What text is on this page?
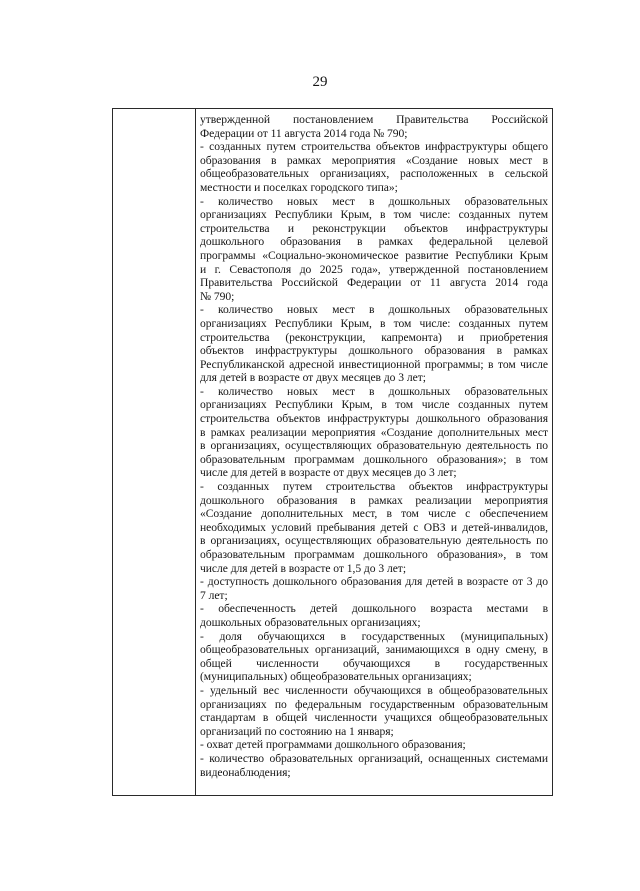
29
утвержденной постановлением Правительства Российской
Федерации от 11 августа 2014 года № 790;
- созданных путем строительства объектов инфраструктуры общего
образования в рамках мероприятия «Создание новых мест в
общеобразовательных организациях, расположенных в сельской
местности и поселках городского типа»;
- количество новых мест в дошкольных образовательных
организациях Республики Крым, в том числе: созданных путем
строительства и реконструкции объектов инфраструктуры
дошкольного образования в рамках федеральной целевой
программы «Социально-экономическое развитие Республики Крым
и г. Севастополя до 2025 года», утвержденной постановлением
Правительства Российской Федерации от 11 августа 2014 года
№ 790;
- количество новых мест в дошкольных образовательных
организациях Республики Крым, в том числе: созданных путем
строительства (реконструкции, капремонта) и приобретения
объектов инфраструктуры дошкольного образования в рамках
Республиканской адресной инвестиционной программы; в том числе
для детей в возрасте от двух месяцев до 3 лет;
- количество новых мест в дошкольных образовательных
организациях Республики Крым, в том числе созданных путем
строительства объектов инфраструктуры дошкольного образования
в рамках реализации мероприятия «Создание дополнительных мест
в организациях, осуществляющих образовательную деятельность по
образовательным программам дошкольного образования»; в том
числе для детей в возрасте от двух месяцев до 3 лет;
- созданных путем строительства объектов инфраструктуры
дошкольного образования в рамках реализации мероприятия
«Создание дополнительных мест, в том числе с обеспечением
необходимых условий пребывания детей с ОВЗ и детей-инвалидов,
в организациях, осуществляющих образовательную деятельность по
образовательным программам дошкольного образования», в том
числе для детей в возрасте от 1,5 до 3 лет;
- доступность дошкольного образования для детей в возрасте от 3 до
7 лет;
- обеспеченность детей дошкольного возраста местами в
дошкольных образовательных организациях;
- доля обучающихся в государственных (муниципальных)
общеобразовательных организаций, занимающихся в одну смену, в
общей численности обучающихся в государственных
(муниципальных) общеобразовательных организациях;
- удельный вес численности обучающихся в общеобразовательных
организациях по федеральным государственным образовательным
стандартам в общей численности учащихся общеобразовательных
организаций по состоянию на 1 января;
- охват детей программами дошкольного образования;
- количество образовательных организаций, оснащенных системами
видеонаблюдения;
